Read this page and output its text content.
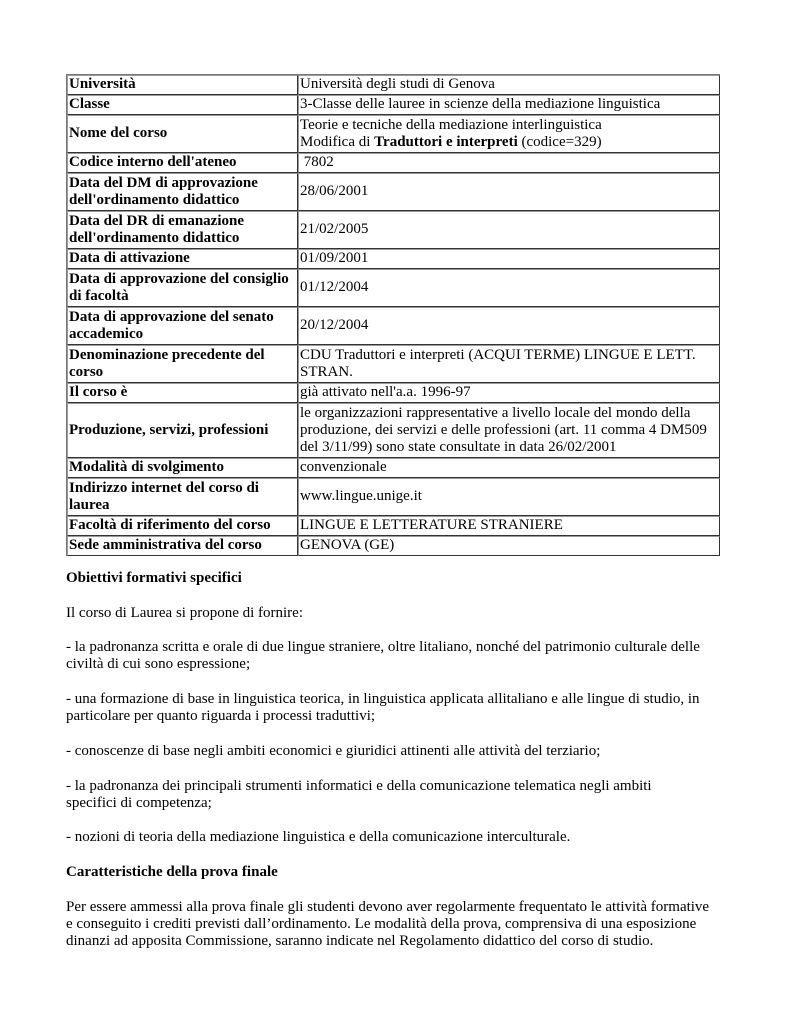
Università	Università degli studi di Genova
Classe	3-Classe delle lauree in scienze della mediazione linguistica
Nome del corso	Teorie e tecniche della mediazione interlinguistica
Modifica di Traduttori e interpreti (codice=329)
Codice interno dell'ateneo	7802
Data del DM di approvazione dell'ordinamento didattico	28/06/2001
Data del DR di emanazione dell'ordinamento didattico	21/02/2005
Data di attivazione	01/09/2001
Data di approvazione del consiglio di facoltà	01/12/2004
Data di approvazione del senato accademico	20/12/2004
Denominazione precedente del corso	CDU Traduttori e interpreti (ACQUI TERME) LINGUE E LETT. STRAN.
Il corso è	già attivato nell'a.a. 1996-97
Produzione, servizi, professioni	le organizzazioni rappresentative a livello locale del mondo della produzione, dei servizi e delle professioni (art. 11 comma 4 DM509 del 3/11/99) sono state consultate in data 26/02/2001
Modalità di svolgimento	convenzionale
Indirizzo internet del corso di laurea	www.lingue.unige.it
Facoltà di riferimento del corso	LINGUE E LETTERATURE STRANIERE
Sede amministrativa del corso	GENOVA (GE)

Obiettivi formativi specifici

Il corso di Laurea si propone di fornire:

- la padronanza scritta e orale di due lingue straniere, oltre litaliano, nonché del patrimonio culturale delle civiltà di cui sono espressione;

- una formazione di base in linguistica teorica, in linguistica applicata allitaliano e alle lingue di studio, in particolare per quanto riguarda i processi traduttivi;

- conoscenze di base negli ambiti economici e giuridici attinenti alle attività del terziario;

- la padronanza dei principali strumenti informatici e della comunicazione telematica negli ambiti specifici di competenza;

- nozioni di teoria della mediazione linguistica e della comunicazione interculturale.

Caratteristiche della prova finale

Per essere ammessi alla prova finale gli studenti devono aver regolarmente frequentato le attività formative e conseguito i crediti previsti dall’ordinamento. Le modalità della prova, comprensiva di una esposizione dinanzi ad apposita Commissione, saranno indicate nel Regolamento didattico del corso di studio.
